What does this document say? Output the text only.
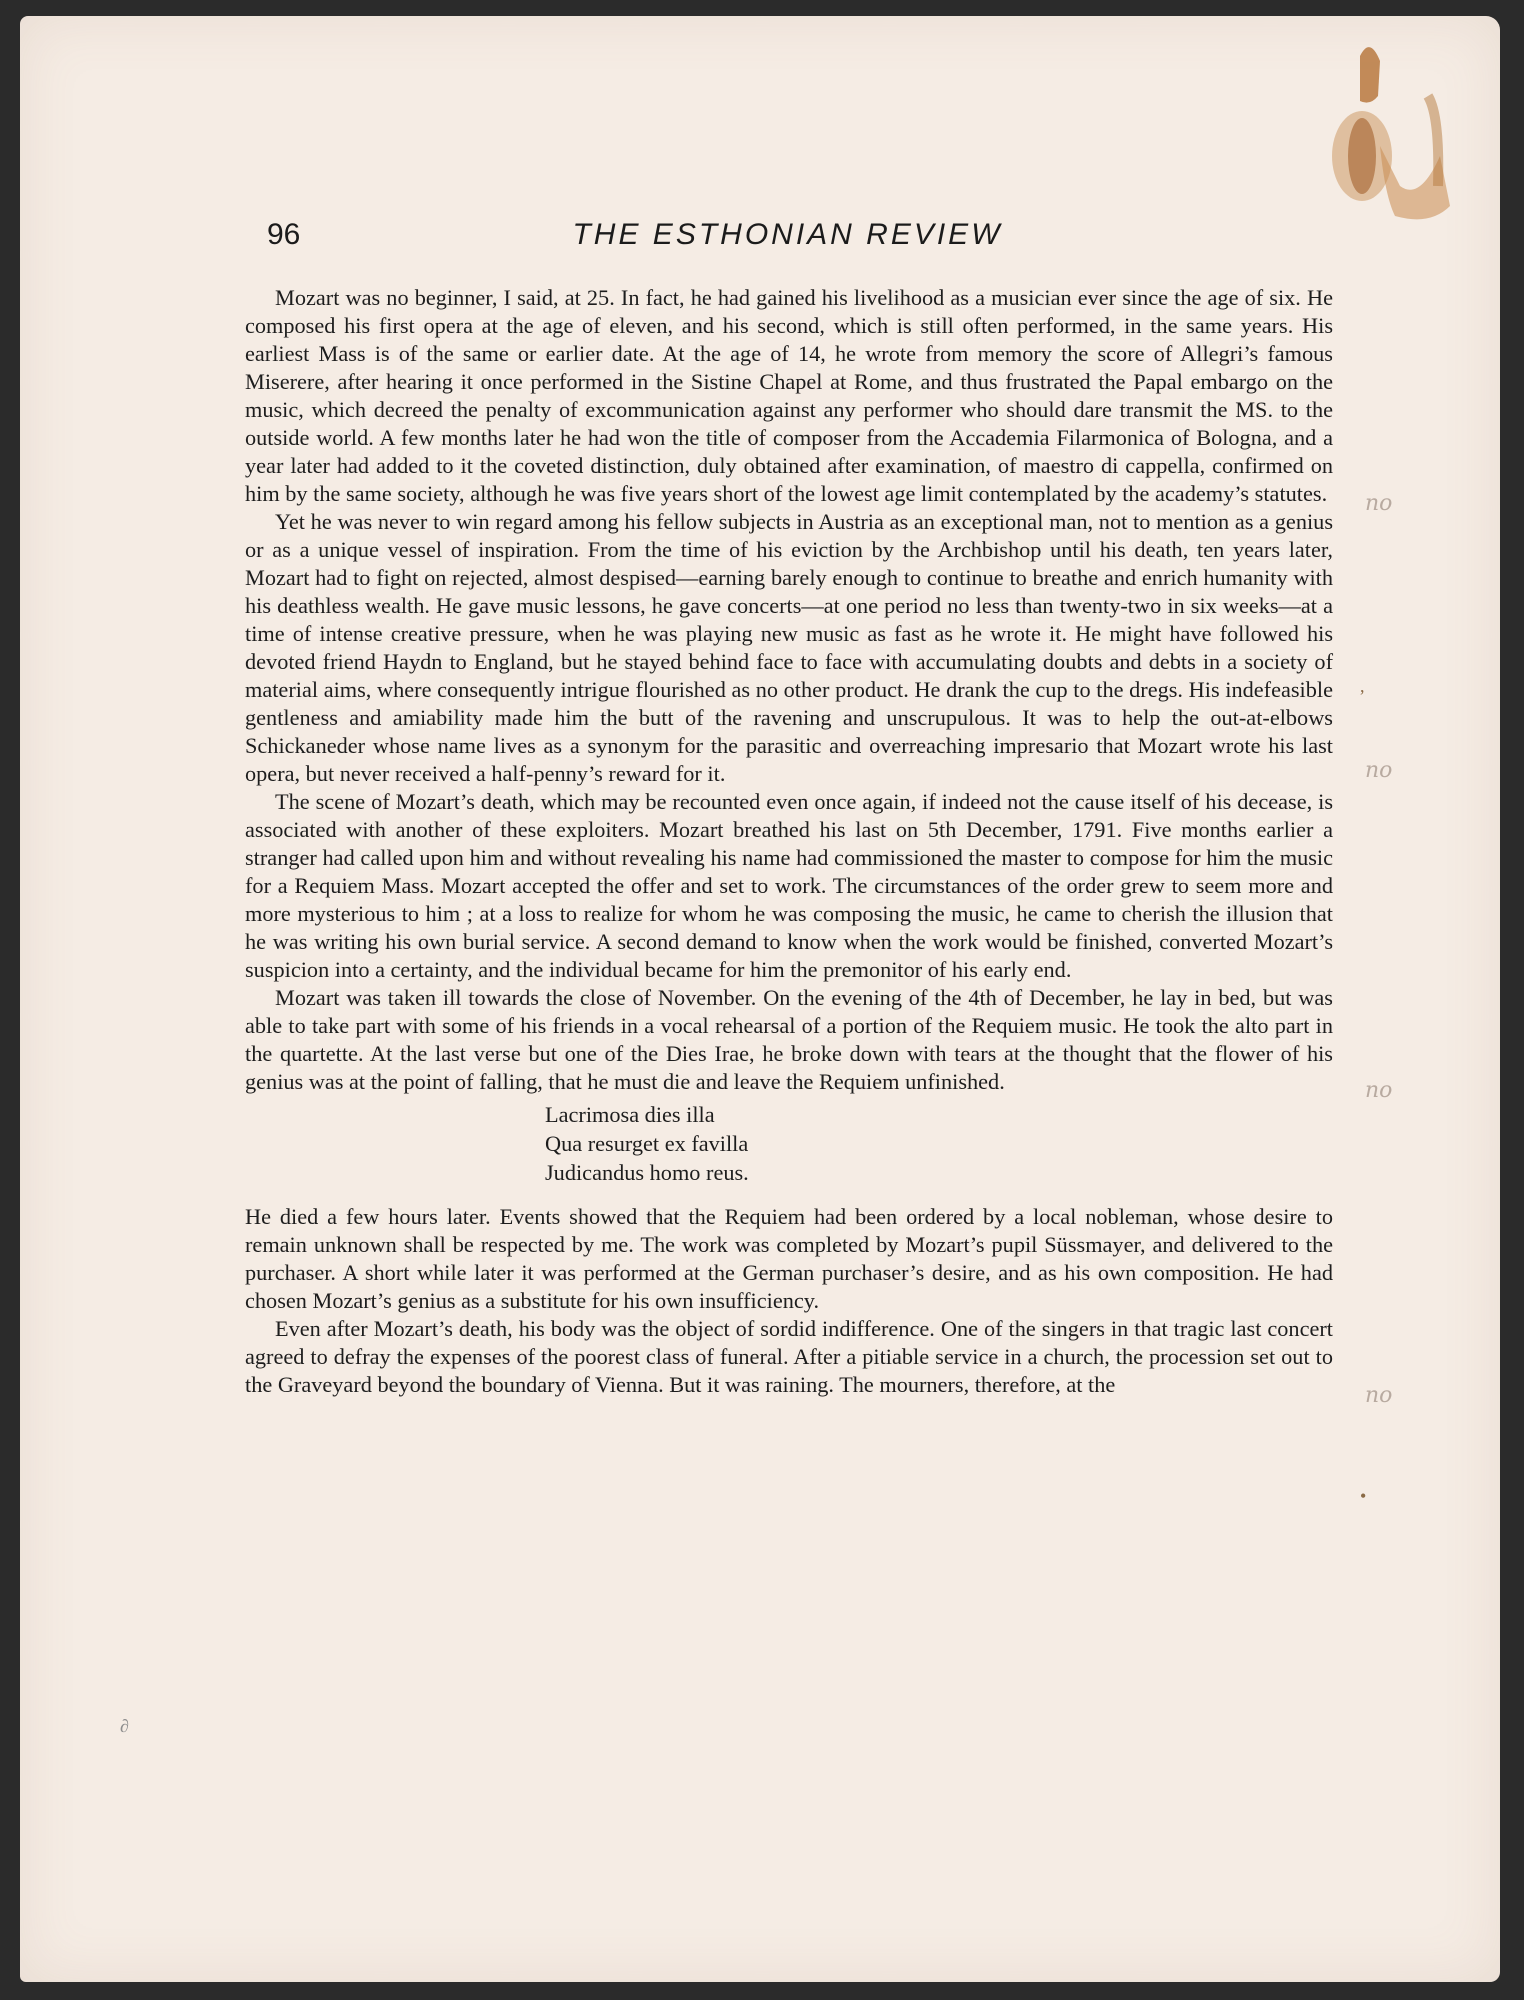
no
no
no
no
,
•
∂
96	THE ESTHONIAN REVIEW

Mozart was no beginner, I said, at 25. In fact, he had gained his livelihood as a musician ever since the age of six. He composed his first opera at the age of eleven, and his second, which is still often performed, in the same years. His earliest Mass is of the same or earlier date. At the age of 14, he wrote from memory the score of Allegri’s famous Miserere, after hearing it once performed in the Sistine Chapel at Rome, and thus frustrated the Papal embargo on the music, which decreed the penalty of excommunication against any performer who should dare transmit the MS. to the outside world. A few months later he had won the title of composer from the Accademia Filarmonica of Bologna, and a year later had added to it the coveted distinction, duly obtained after examination, of maestro di cappella, confirmed on him by the same society, although he was five years short of the lowest age limit contemplated by the academy’s statutes.

Yet he was never to win regard among his fellow subjects in Austria as an exceptional man, not to mention as a genius or as a unique vessel of inspiration. From the time of his eviction by the Archbishop until his death, ten years later, Mozart had to fight on rejected, almost despised—earning barely enough to continue to breathe and enrich humanity with his deathless wealth. He gave music lessons, he gave concerts—at one period no less than twenty-two in six weeks—at a time of intense creative pressure, when he was playing new music as fast as he wrote it. He might have followed his devoted friend Haydn to England, but he stayed behind face to face with accumulating doubts and debts in a society of material aims, where consequently intrigue flourished as no other product. He drank the cup to the dregs. His indefeasible gentleness and amiability made him the butt of the ravening and unscrupulous. It was to help the out-at-elbows Schickaneder whose name lives as a synonym for the parasitic and overreaching impresario that Mozart wrote his last opera, but never received a half-penny’s reward for it.

The scene of Mozart’s death, which may be recounted even once again, if indeed not the cause itself of his decease, is associated with another of these exploiters. Mozart breathed his last on 5th December, 1791. Five months earlier a stranger had called upon him and without revealing his name had commissioned the master to compose for him the music for a Requiem Mass. Mozart accepted the offer and set to work. The circumstances of the order grew to seem more and more mysterious to him ; at a loss to realize for whom he was composing the music, he came to cherish the illusion that he was writing his own burial service. A second demand to know when the work would be finished, converted Mozart’s suspicion into a certainty, and the individual became for him the premonitor of his early end.

Mozart was taken ill towards the close of November. On the evening of the 4th of December, he lay in bed, but was able to take part with some of his friends in a vocal rehearsal of a portion of the Requiem music. He took the alto part in the quartette. At the last verse but one of the Dies Irae, he broke down with tears at the thought that the flower of his genius was at the point of falling, that he must die and leave the Requiem unfinished.

Lacrimosa dies illa
Qua resurget ex favilla
Judicandus homo reus.

He died a few hours later. Events showed that the Requiem had been ordered by a local nobleman, whose desire to remain unknown shall be respected by me. The work was completed by Mozart’s pupil Süssmayer, and delivered to the purchaser. A short while later it was performed at the German purchaser’s desire, and as his own composition. He had chosen Mozart’s genius as a substitute for his own insufficiency.

Even after Mozart’s death, his body was the object of sordid indifference. One of the singers in that tragic last concert agreed to defray the expenses of the poorest class of funeral. After a pitiable service in a church, the procession set out to the Graveyard beyond the boundary of Vienna. But it was raining. The mourners, therefore, at the
